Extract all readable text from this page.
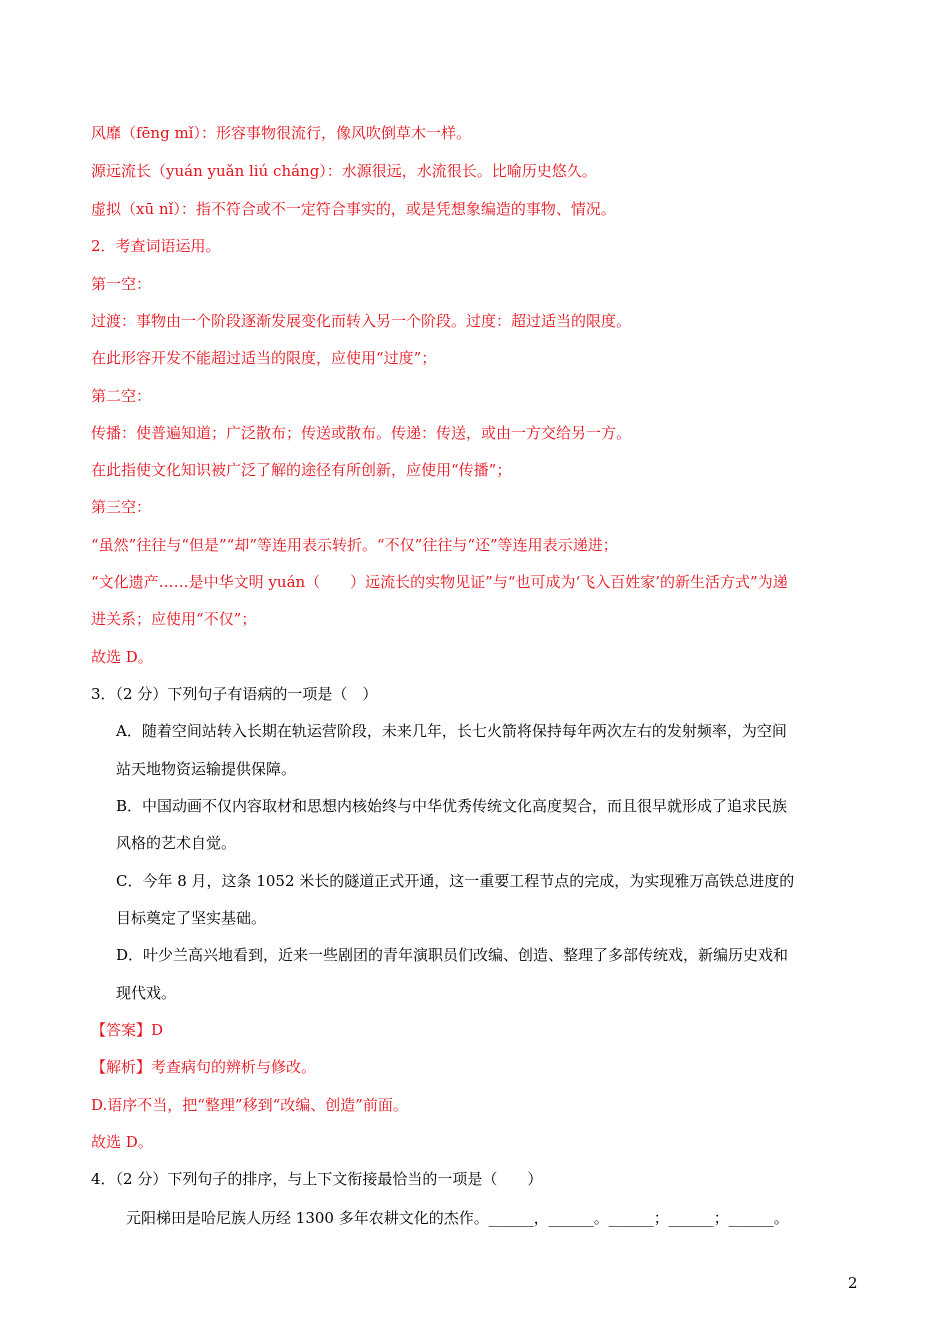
风靡（fēng mǐ）：形容事物很流行，像风吹倒草木一样。
源远流长（yuán yuǎn liú cháng）：水源很远，水流很长。比喻历史悠久。
虚拟（xū nǐ）：指不符合或不一定符合事实的，或是凭想象编造的事物、情况。
2．考查词语运用。
第一空：
过渡：事物由一个阶段逐渐发展变化而转入另一个阶段。过度：超过适当的限度。
在此形容开发不能超过适当的限度，应使用“过度”；
第二空：
传播：使普遍知道；广泛散布；传送或散布。传递：传送，或由一方交给另一方。
在此指使文化知识被广泛了解的途径有所创新，应使用“传播”；
第三空：
“虽然”往往与“但是”“却”等连用表示转折。“不仅”往往与“还”等连用表示递进；
“文化遗产……是中华文明 yuán（　　）远流长的实物见证”与“也可成为‘飞入百姓家’的新生活方式”为递
进关系；应使用“不仅”；
故选 D。
3．（2 分）下列句子有语病的一项是（　）
A．随着空间站转入长期在轨运营阶段，未来几年，长七火箭将保持每年两次左右的发射频率，为空间
站天地物资运输提供保障。
B．中国动画不仅内容取材和思想内核始终与中华优秀传统文化高度契合，而且很早就形成了追求民族
风格的艺术自觉。
C．今年 8 月，这条 1052 米长的隧道正式开通，这一重要工程节点的完成，为实现雅万高铁总进度的
目标奠定了坚实基础。
D．叶少兰高兴地看到，近来一些剧团的青年演职员们改编、创造、整理了多部传统戏，新编历史戏和
现代戏。
【答案】D
【解析】考查病句的辨析与修改。
D.语序不当，把“整理”移到“改编、创造”前面。
故选 D。
4．（2 分）下列句子的排序，与上下文衔接最恰当的一项是（　　）
元阳梯田是哈尼族人历经 1300 多年农耕文化的杰作。______，______。______；______；______。
2
